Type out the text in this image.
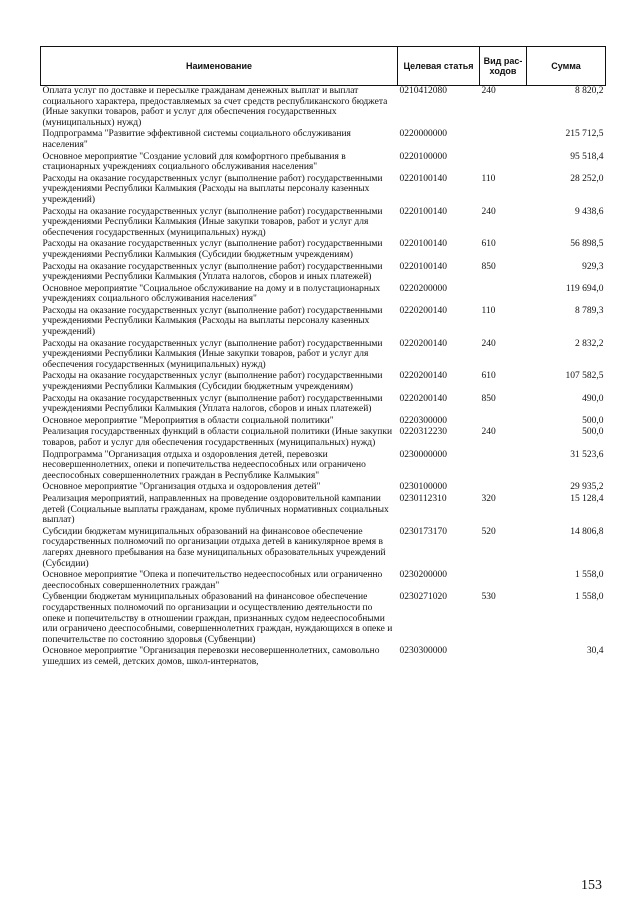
Наименование	Целевая статья	Вид рас-ходов	Сумма
Оплата услуг по доставке и пересылке гражданам денежных выплат и выплат социального характера, предоставляемых за счет средств республиканского бюджета (Иные закупки товаров, работ и услуг для обеспечения государственных (муниципальных) нужд)	0210412080	240	8 820,2
Подпрограмма "Развитие эффективной системы социального обслуживания населения"	0220000000		215 712,5
Основное мероприятие "Создание условий для комфортного пребывания в стационарных учреждениях социального обслуживания населения"	0220100000		95 518,4
Расходы на оказание государственных услуг (выполнение работ) государственными учреждениями Республики Калмыкия (Расходы на выплаты персоналу казенных учреждений)	0220100140	110	28 252,0
Расходы на оказание государственных услуг (выполнение работ) государственными учреждениями Республики Калмыкия (Иные закупки товаров, работ и услуг для обеспечения государственных (муниципальных) нужд)	0220100140	240	9 438,6
Расходы на оказание государственных услуг (выполнение работ) государственными учреждениями Республики Калмыкия (Субсидии бюджетным учреждениям)	0220100140	610	56 898,5
Расходы на оказание государственных услуг (выполнение работ) государственными учреждениями Республики Калмыкия (Уплата налогов, сборов и иных платежей)	0220100140	850	929,3
Основное мероприятие "Социальное обслуживание на дому и в полустационарных учреждениях социального обслуживания населения"	0220200000		119 694,0
Расходы на оказание государственных услуг (выполнение работ) государственными учреждениями Республики Калмыкия (Расходы на выплаты персоналу казенных учреждений)	0220200140	110	8 789,3
Расходы на оказание государственных услуг (выполнение работ) государственными учреждениями Республики Калмыкия (Иные закупки товаров, работ и услуг для обеспечения государственных (муниципальных) нужд)	0220200140	240	2 832,2
Расходы на оказание государственных услуг (выполнение работ) государственными учреждениями Республики Калмыкия (Субсидии бюджетным учреждениям)	0220200140	610	107 582,5
Расходы на оказание государственных услуг (выполнение работ) государственными учреждениями Республики Калмыкия (Уплата налогов, сборов и иных платежей)	0220200140	850	490,0
Основное мероприятие "Мероприятия в области социальной политики"	0220300000		500,0
Реализация государственных функций в области социальной политики (Иные закупки товаров, работ и услуг для обеспечения государственных (муниципальных) нужд)	0220312230	240	500,0
Подпрограмма "Организация отдыха и оздоровления детей, перевозки несовершеннолетних, опеки и попечительства недееспособных или ограничено дееспособных совершеннолетних граждан в Республике Калмыкия"	0230000000		31 523,6
Основное мероприятие "Организация отдыха и оздоровления детей"	0230100000		29 935,2
Реализация мероприятий, направленных на проведение оздоровительной кампании детей (Социальные выплаты гражданам, кроме публичных нормативных социальных выплат)	0230112310	320	15 128,4
Субсидии бюджетам муниципальных образований на финансовое обеспечение государственных полномочий по организации отдыха детей в каникулярное время в лагерях дневного пребывания на базе муниципальных образовательных учреждений (Субсидии)	0230173170	520	14 806,8
Основное мероприятие "Опека и попечительство недееспособных или ограниченно дееспособных совершеннолетних граждан"	0230200000		1 558,0
Субвенции бюджетам муниципальных образований на финансовое обеспечение государственных полномочий по организации и осуществлению деятельности по опеке и попечительству в отношении граждан, признанных судом недееспособными или ограничено дееспособными, совершеннолетних граждан, нуждающихся в опеке и попечительстве по состоянию здоровья (Субвенции)	0230271020	530	1 558,0
Основное мероприятие "Организация перевозки несовершеннолетних, самовольно ушедших из семей, детских домов, школ-интернатов,	0230300000		30,4
153
